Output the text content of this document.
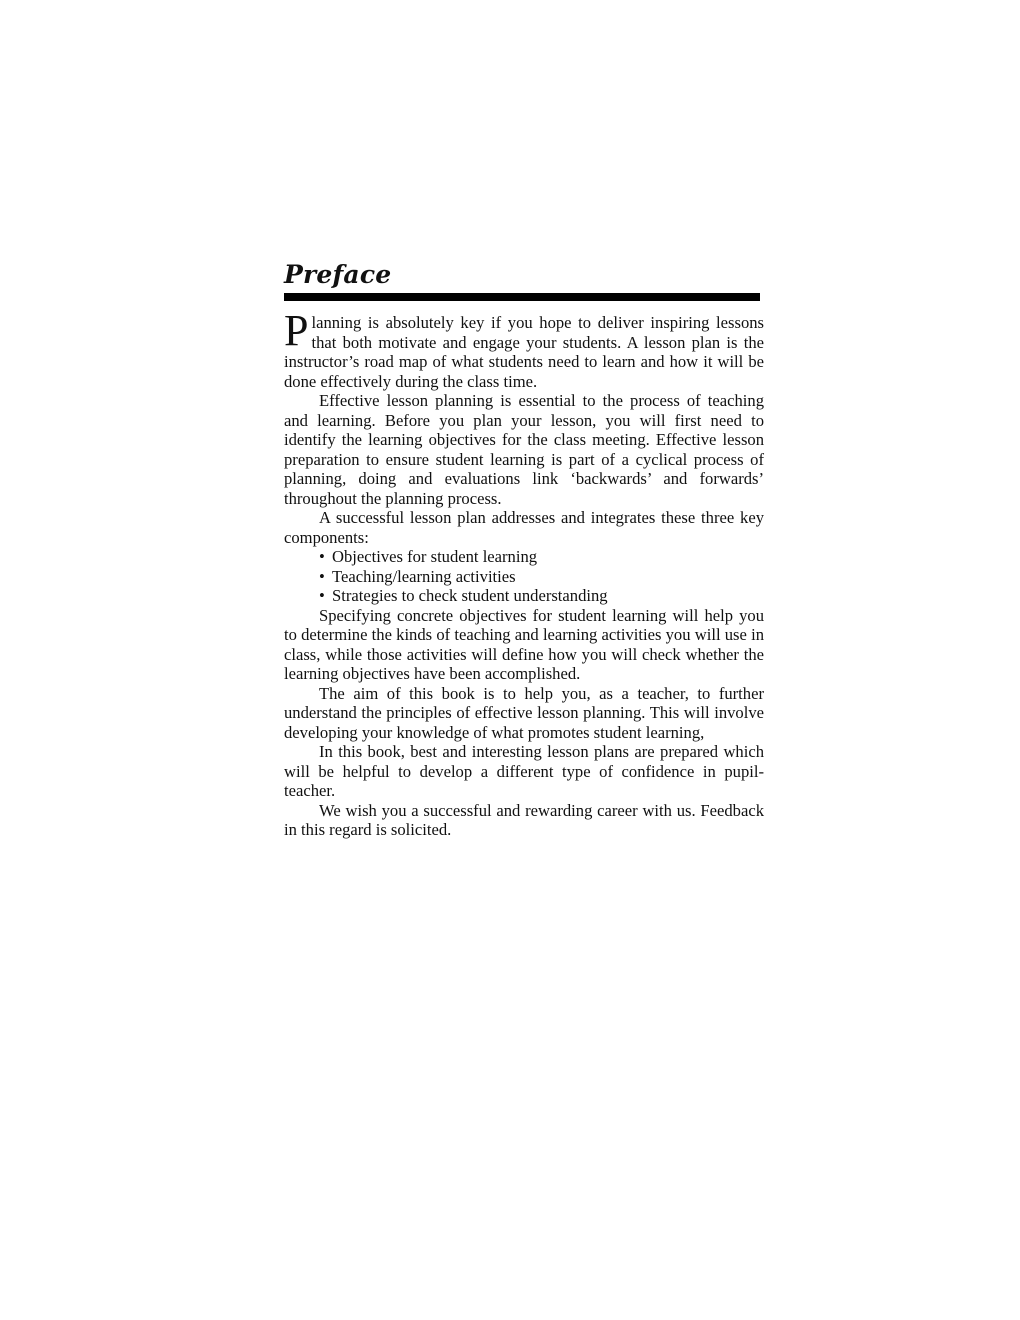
Preface

Planning is absolutely key if you hope to deliver inspiring lessons that both motivate and engage your students. A lesson plan is the instructor’s road map of what students need to learn and how it will be done effectively during the class time.

Effective lesson planning is essential to the process of teaching and learning. Before you plan your lesson, you will first need to identify the learning objectives for the class meeting. Effective lesson preparation to ensure student learning is part of a cyclical process of planning, doing and evaluations link ‘backwards’ and forwards’ throughout the planning process.

A successful lesson plan addresses and integrates these three key components:

• Objectives for student learning
• Teaching/learning activities
• Strategies to check student understanding

Specifying concrete objectives for student learning will help you to determine the kinds of teaching and learning activities you will use in class, while those activities will define how you will check whether the learning objectives have been accomplished.

The aim of this book is to help you, as a teacher, to further understand the principles of effective lesson planning. This will involve developing your knowledge of what promotes student learning,

In this book, best and interesting lesson plans are prepared which will be helpful to develop a different type of confidence in pupil-teacher.

We wish you a successful and rewarding career with us. Feedback in this regard is solicited.
